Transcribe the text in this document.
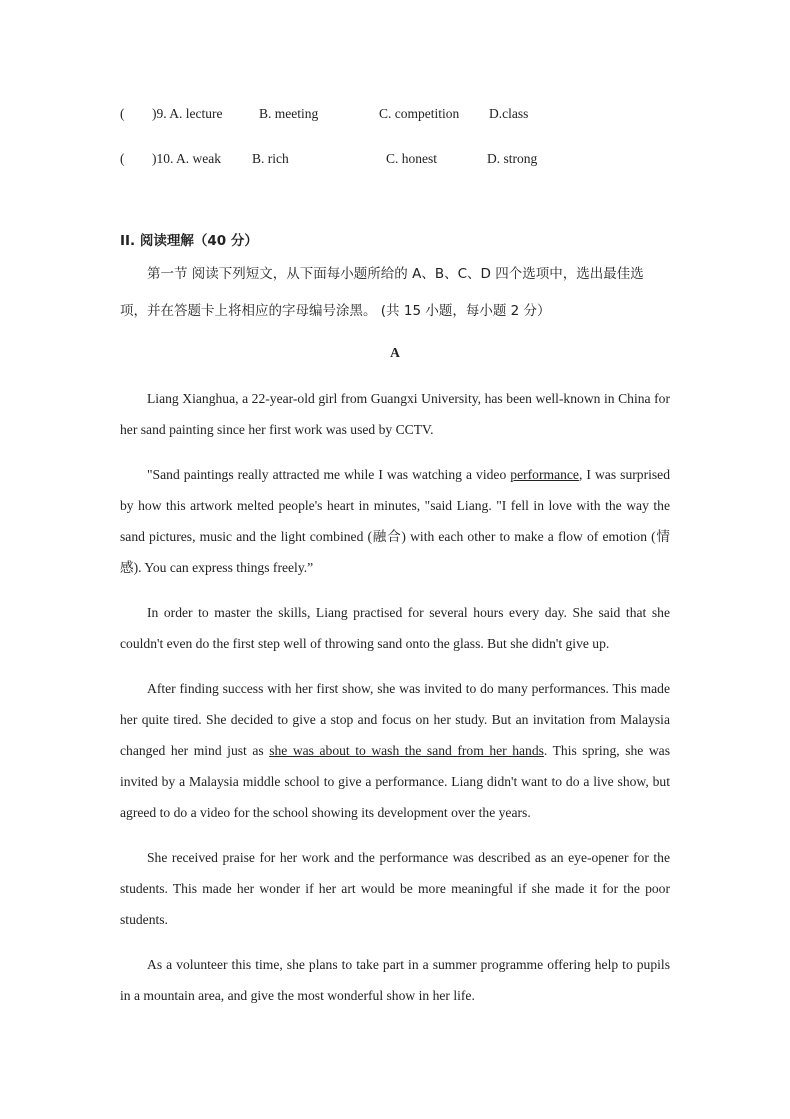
( )9. A. lecture	B. meeting	C. competition D.class
( )10. A. weak B. rich	C. honest	D. strong
II. 阅读理解（40 分）
第一节 阅读下列短文，从下面每小题所给的 A、B、C、D 四个选项中，选出最佳选
项，并在答题卡上将相应的字母编号涂黑。 (共 15 小题，每小题 2 分）
A
Liang Xianghua, a 22-year-old girl from Guangxi University, has been well-known in China for her sand painting since her first work was used by CCTV.
"Sand paintings really attracted me while I was watching a video performance, I was surprised by how this artwork melted people's heart in minutes, "said Liang. "I fell in love with the way the sand pictures, music and the light combined (融合) with each other to make a flow of emotion (情感). You can express things freely.”
In order to master the skills, Liang practised for several hours every day. She said that she couldn't even do the first step well of throwing sand onto the glass. But she didn't give up.
After finding success with her first show, she was invited to do many performances. This made her quite tired. She decided to give a stop and focus on her study. But an invitation from Malaysia changed her mind just as she was about to wash the sand from her hands. This spring, she was invited by a Malaysia middle school to give a performance. Liang didn't want to do a live show, but agreed to do a video for the school showing its development over the years.
She received praise for her work and the performance was described as an eye-opener for the students. This made her wonder if her art would be more meaningful if she made it for the poor students.
As a volunteer this time, she plans to take part in a summer programme offering help to pupils in a mountain area, and give the most wonderful show in her life.
